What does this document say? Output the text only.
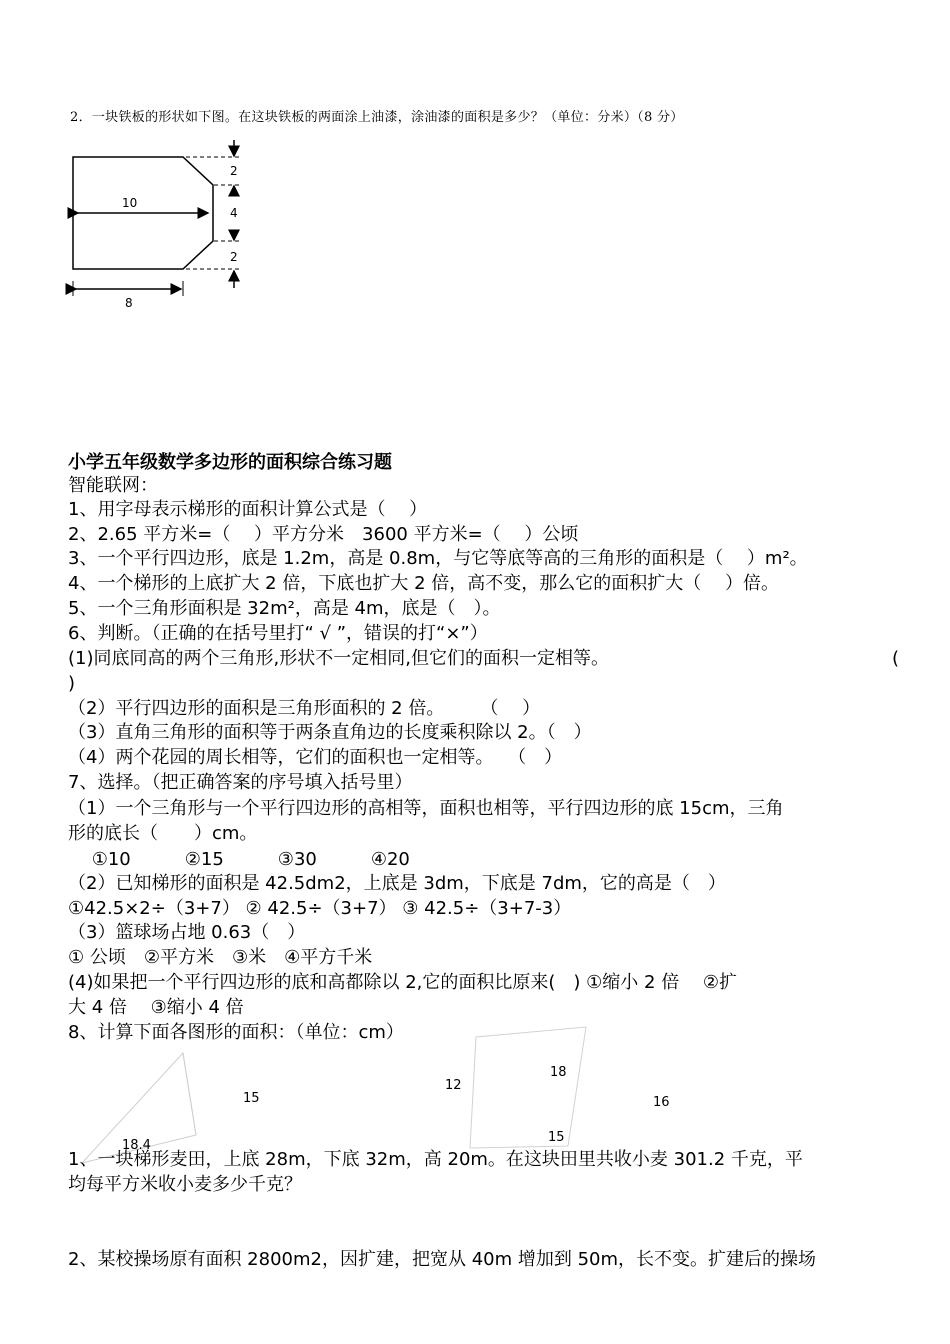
2．一块铁板的形状如下图。在这块铁板的两面涂上油漆，涂油漆的面积是多少？（单位：分米）（8 分）
10
2
4
2
8
小学五年级数学多边形的面积综合练习题
智能联网：
1、用字母表示梯形的面积计算公式是（　 ）
2、2.65 平方米=（　 ）平方分米　3600 平方米=（　 ）公顷
3、一个平行四边形，底是 1.2m，高是 0.8m，与它等底等高的三角形的面积是（　 ）m²。
4、一个梯形的上底扩大 2 倍，下底也扩大 2 倍，高不变，那么它的面积扩大（　 ）倍。
5、一个三角形面积是 32m²，高是 4m，底是（　）。
6、判断。（正确的在括号里打“ √ ”，错误的打“×”）
(1)同底同高的两个三角形,形状不一定相同,但它们的面积一定相等。	(
)
（2）平行四边形的面积是三角形面积的 2 倍。　　　（　 ）
（3）直角三角形的面积等于两条直角边的长度乘积除以 2。（　）
（4）两个花园的周长相等，它们的面积也一定相等。　 （　）
7、选择。（把正确答案的序号填入括号里）
（1）一个三角形与一个平行四边形的高相等，面积也相等，平行四边形的底 15cm，三角
形的底长（　　）cm。
　 ①10　　　②15　　　③30　　　④20
（2）已知梯形的面积是 42.5dm2，上底是 3dm，下底是 7dm，它的高是（　）
①42.5×2÷（3+7） ② 42.5÷（3+7） ③ 42.5÷（3+7-3）
（3）篮球场占地 0.63（　）
① 公顷　②平方米　③米　④平方千米
(4)如果把一个平行四边形的底和高都除以 2,它的面积比原来(　) ①缩小 2 倍　 ②扩
大 4 倍　 ③缩小 4 倍
8、计算下面各图形的面积：（单位：cm）
15
18.4
12
18
16
15
1、一块梯形麦田，上底 28m，下底 32m，高 20m。在这块田里共收小麦 301.2 千克，平
均每平方米收小麦多少千克？
2、某校操场原有面积 2800m2，因扩建，把宽从 40m 增加到 50m，长不变。扩建后的操场
